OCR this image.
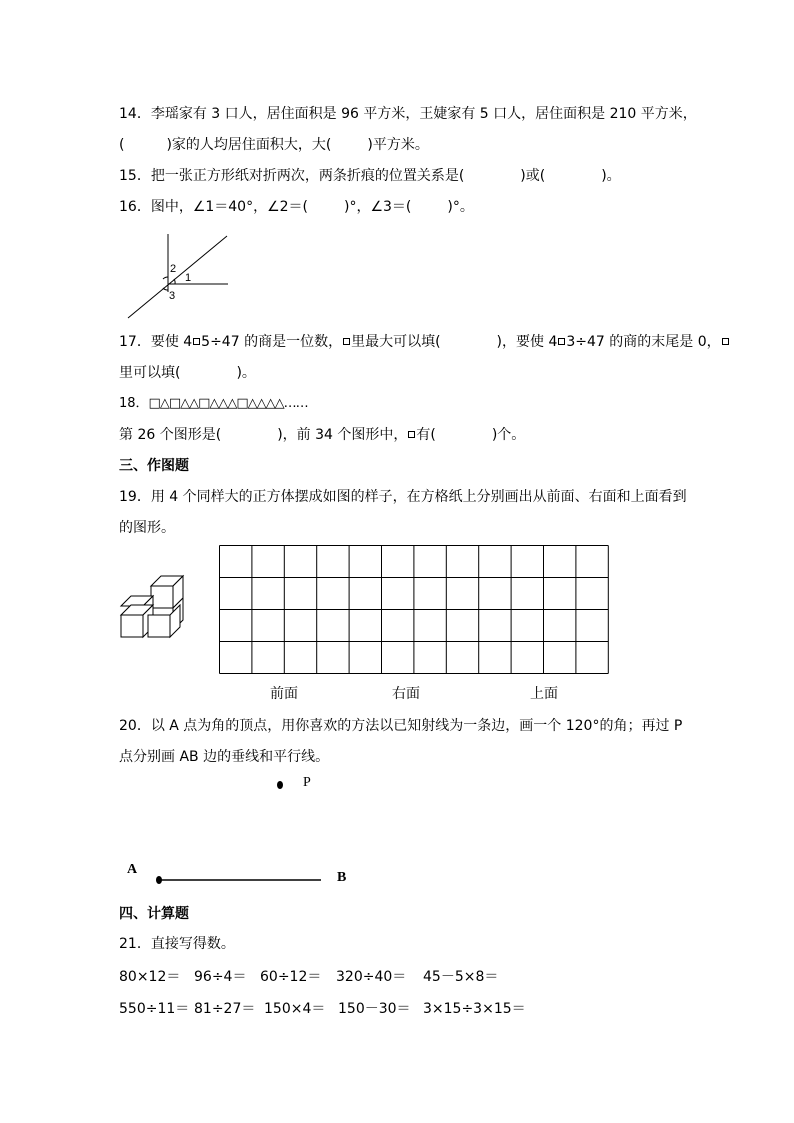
14．李瑶家有 3 口人，居住面积是 96 平方米，王婕家有 5 口人，居住面积是 210 平方米，
(	)家的人均居住面积大，大(	)平方米。
15．把一张正方形纸对折两次，两条折痕的位置关系是(	)或(	)。
16．图中，∠1＝40°，∠2＝(	)°，∠3＝(	)°。
2
1
3
17．要使 4 5÷47 的商是一位数， 里最大可以填(	)，要使 4 3÷47 的商的末尾是 0，
里可以填(	)。
18．□△□△△□△△△□△△△△……
第 26 个图形是(	)，前 34 个图形中， 有(	)个。
三、作图题
19．用 4 个同样大的正方体摆成如图的样子，在方格纸上分别画出从前面、右面和上面看到
的图形。
前面	右面	上面
20．以 A 点为角的顶点，用你喜欢的方法以已知射线为一条边，画一个 120°的角；再过 P
点分别画 AB 边的垂线和平行线。
P
A
B
四、计算题
21．直接写得数。
80×12＝ 96÷4＝ 60÷12＝ 320÷40＝ 45－5×8＝
550÷11＝ 81÷27＝ 150×4＝ 150－30＝ 3×15÷3×15＝
